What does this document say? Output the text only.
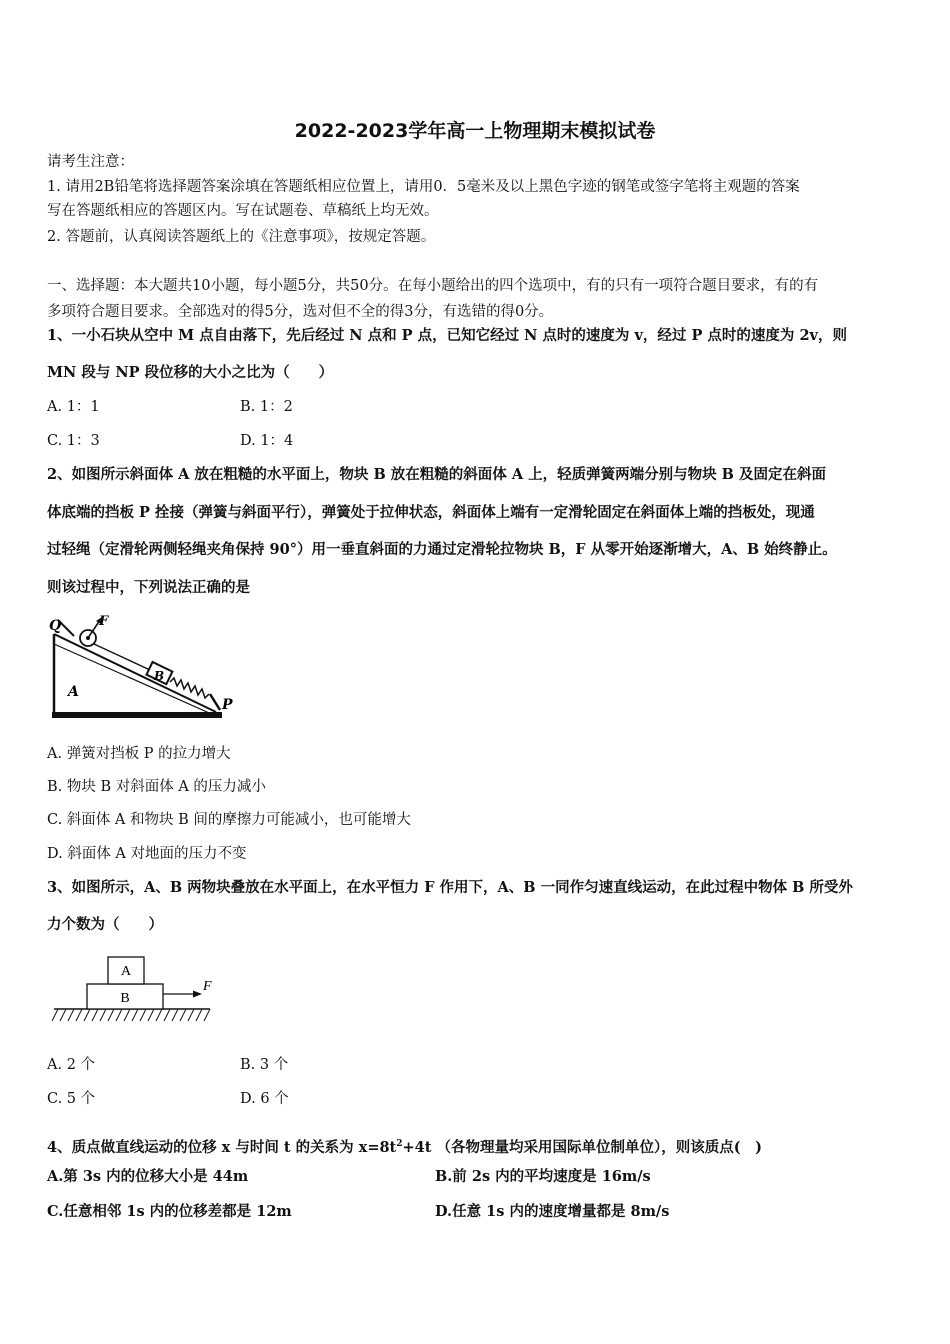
2022-2023学年高一上物理期末模拟试卷
请考生注意：
1. 请用2B铅笔将选择题答案涂填在答题纸相应位置上，请用0．5毫米及以上黑色字迹的钢笔或签字笔将主观题的答案
写在答题纸相应的答题区内。写在试题卷、草稿纸上均无效。
2. 答题前，认真阅读答题纸上的《注意事项》，按规定答题。
一、选择题：本大题共10小题，每小题5分，共50分。在每小题给出的四个选项中，有的只有一项符合题目要求，有的有
多项符合题目要求。全部选对的得5分，选对但不全的得3分，有选错的得0分。
1、一小石块从空中 M 点自由落下，先后经过 N 点和 P 点，已知它经过 N 点时的速度为 v，经过 P 点时的速度为 2v，则
MN 段与 NP 段位移的大小之比为（　　）
A. 1：1	B. 1：2
C. 1：3	D. 1：4
2、如图所示斜面体 A 放在粗糙的水平面上，物块 B 放在粗糙的斜面体 A 上，轻质弹簧两端分别与物块 B 及固定在斜面
体底端的挡板 P 拴接（弹簧与斜面平行），弹簧处于拉伸状态，斜面体上端有一定滑轮固定在斜面体上端的挡板处，现通
过轻绳（定滑轮两侧轻绳夹角保持 90°）用一垂直斜面的力通过定滑轮拉物块 B，F 从零开始逐渐增大，A、B 始终静止。
则该过程中，下列说法正确的是
Q	F
B
A
P
A. 弹簧对挡板 P 的拉力增大
B. 物块 B 对斜面体 A 的压力减小
C. 斜面体 A 和物块 B 间的摩擦力可能减小，也可能增大
D. 斜面体 A 对地面的压力不变
3、如图所示，A、B 两物块叠放在水平面上，在水平恒力 F 作用下，A、B 一同作匀速直线运动，在此过程中物体 B 所受外
力个数为（　　）
A
B
F
A. 2 个	B. 3 个
C. 5 个	D. 6 个
4、质点做直线运动的位移 x 与时间 t 的关系为 $x=8t^2+4t$ （各物理量均采用国际单位制单位），则该质点(　)
A.第 3s 内的位移大小是 44m	B.前 2s 内的平均速度是 16m/s
C.任意相邻 1s 内的位移差都是 12m	D.任意 1s 内的速度增量都是 8m/s
